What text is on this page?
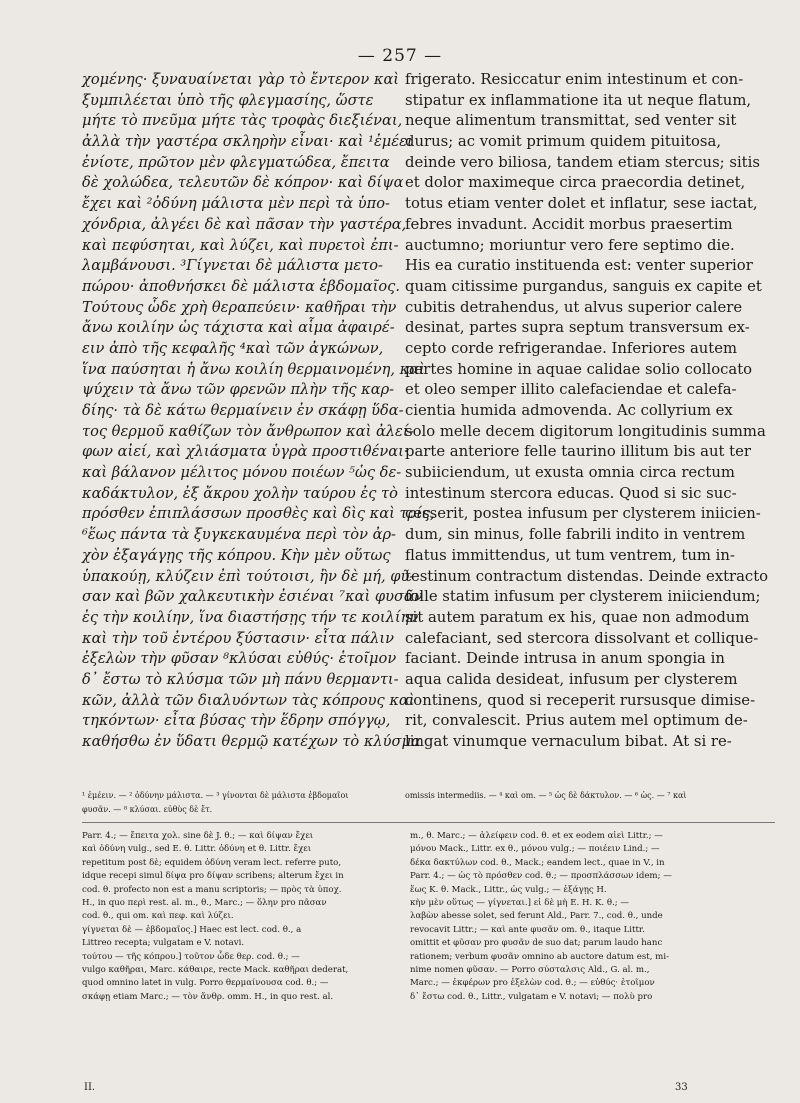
— 257 —
χομένης· ξυναυαίνεται γὰρ τὸ ἔντερον καὶ
ξυμπιλέεται ὑπὸ τῆς φλεγμασίης, ὥστε
μήτε τὸ πνεῦμα μήτε τὰς τροφὰς διεξιέναι,
ἀλλὰ τὴν γαστέρα σκληρὴν εἶναι· καὶ ¹ἐμέει
ἐνίοτε, πρῶτον μὲν φλεγματώδεα, ἔπειτα
δὲ χολώδεα, τελευτῶν δὲ κόπρον· καὶ δίψα
ἔχει καὶ ²ὀδύνη μάλιστα μὲν περὶ τὰ ὑπο-
χόνδρια, ἀλγέει δὲ καὶ πᾶσαν τὴν γαστέρα,
καὶ πεφύσηται, καὶ λύζει, καὶ πυρετοὶ ἐπι-
λαμβάνουσι. ³Γίγνεται δὲ μάλιστα μετο-
πώρου· ἀποθνήσκει δὲ μάλιστα ἑβδομαῖος.
Τούτους ὧδε χρὴ θεραπεύειν· καθῆραι τὴν
ἄνω κοιλίην ὡς τάχιστα καὶ αἷμα ἀφαιρέ-
ειν ἀπὸ τῆς κεφαλῆς ⁴καὶ τῶν ἀγκώνων,
ἵνα παύσηται ἡ ἄνω κοιλίη θερμαινομένη, καὶ
ψύχειν τὰ ἄνω τῶν φρενῶν πλὴν τῆς καρ-
δίης· τὰ δὲ κάτω θερμαίνειν ἐν σκάφῃ ὕδα-
τος θερμοῦ καθίζων τὸν ἄνθρωπον καὶ ἀλεί-
φων αἰεί, καὶ χλιάσματα ὑγρὰ προστιθέναι·
καὶ βάλανον μέλιτος μόνου ποιέων ⁵ὡς δε-
καδάκτυλον, ἐξ ἄκρου χολὴν ταύρου ἐς τὸ
πρόσθεν ἐπιπλάσσων προσθὲς καὶ δὶς καὶ τρίς,
⁶ἕως πάντα τὰ ξυγκεκαυμένα περὶ τὸν ἀρ-
χὸν ἐξαγάγῃς τῆς κόπρου. Κὴν μὲν οὕτως
ὑπακούῃ, κλύζειν ἐπὶ τούτοισι, ἢν δὲ μή, φῦ-
σαν καὶ βῶν χαλκευτικὴν ἐσιέναι ⁷καὶ φυσᾶν
ἐς τὴν κοιλίην, ἵνα διαστήσῃς τήν τε κοιλίην
καὶ τὴν τοῦ ἐντέρου ξύστασιν· εἶτα πάλιν
ἐξελὼν τὴν φῦσαν ⁸κλύσαι εὐθύς· ἑτοῖμον
δ᾽ ἔστω τὸ κλύσμα τῶν μὴ πάνυ θερμαντι-
κῶν, ἀλλὰ τῶν διαλυόντων τὰς κόπρους καὶ
τηκόντων· εἶτα βύσας τὴν ἕδρην σπόγγῳ,
καθήσθω ἐν ὕδατι θερμῷ κατέχων τὸ κλύσμα
frigerato. Resiccatur enim intestinum et con-
stipatur ex inflammatione ita ut neque flatum,
neque alimentum transmittat, sed venter sit
durus; ac vomit primum quidem pituitosa,
deinde vero biliosa, tandem etiam stercus; sitis
et dolor maximeque circa praecordia detinet,
totus etiam venter dolet et inflatur, sese iactat,
febres invadunt. Accidit morbus praesertim
auctumno; moriuntur vero fere septimo die.
His ea curatio instituenda est: venter superior
quam citissime purgandus, sanguis ex capite et
cubitis detrahendus, ut alvus superior calere
desinat, partes supra septum transversum ex-
cepto corde refrigerandae. Inferiores autem
partes homine in aquae calidae solio collocato
et oleo semper illito calefaciendae et calefa-
cientia humida admovenda. Ac collyrium ex
solo melle decem digitorum longitudinis summa
parte anteriore felle taurino illitum bis aut ter
subiiciendum, ut exusta omnia circa rectum
intestinum stercora educas. Quod si sic suc-
cesserit, postea infusum per clysterem iniicien-
dum, sin minus, folle fabrili indito in ventrem
flatus immittendus, ut tum ventrem, tum in-
testinum contractum distendas. Deinde extracto
folle statim infusum per clysterem iniiciendum;
sit autem paratum ex his, quae non admodum
calefaciant, sed stercora dissolvant et collique-
faciant. Deinde intrusa in anum spongia in
aqua calida desideat, infusum per clysterem
continens, quod si receperit rursusque dimise-
rit, convalescit. Prius autem mel optimum de-
lingat vinumque vernaculum bibat. At si re-
¹ ἐμέειν. — ² ὀδύνην μάλιστα. — ³ γίνονται δὲ μάλιστα ἑβδομαῖοι	omissis intermediis. — ⁴ καὶ om. — ⁵ ὡς δὲ δάκτυλον. — ⁶ ὡς. — ⁷ καὶ
φυσᾶν. — ⁸ κλύσαι. εὐθὺς δὲ ἔτ.
Parr. 4.; — ἔπειτα χολ. sine δὲ J. θ.; — καὶ δίψαν ἔχει
καὶ ὀδύνη vulg., sed E. θ. Littr. ὀδύνη et θ. Littr. ἔχει
repetitum post δὲ; equidem ὀδύνη veram lect. referre puto,
idque recepi simul δίψα pro δίψαν scribens; alterum ἔχει in
cod. θ. profecto non est a manu scriptoris; — πρὸς τὰ ὑποχ.
H., in quo περὶ rest. al. m., θ., Marc.; — ὅλην pro πᾶσαν
cod. θ., qui om. καὶ πεφ. καὶ λύζει.
γίγνεται δὲ — ἑβδομαῖος.] Haec est lect. cod. θ., a
Littreo recepta; vulgatam e V. notavi.
τούτου — τῆς κόπρου.] τοῦτον ὧδε θερ. cod. θ.; —
vulgo καθῆραι, Marc. κάθαιρε, recte Mack. καθῆραι dederat,
quod omnino latet in vulg. Porro θερμαίνουσα cod. θ.; —
σκάφῃ etiam Marc.; — τὸν ἄνθρ. omm. H., in quo rest. al.
m., θ. Marc.; — ἀλείφειν cod. θ. et ex eodem αἰεὶ Littr.; —
μόνου Mack., Littr. ex θ., μόνου vulg.; — ποιέειν Lind.; —
δέκα δακτύλων cod. θ., Mack.; eandem lect., quae in V., in
Parr. 4.; — ὡς τὸ πρόσθεν cod. θ.; — προσπλάσσων idem; —
ἕως K. θ. Mack., Littr., ὡς vulg.; — ἐξάγῃς H.
κὴν μὲν οὕτως — γίγνεται.] εἰ δὲ μὴ E. H. K. θ.; —
λαβὼν abesse solet, sed ferunt Ald., Parr. 7., cod. θ., unde
revocavit Littr.; — καὶ ante φυσᾶν om. θ., itaque Littr.
omittit et φῦσαν pro φυσᾶν de suo dat; parum laudo hanc
rationem; verbum φυσᾶν omnino ab auctore datum est, mi-
nime nomen φῦσαν. — Porro σύσταλσις Ald., G. al. m.,
Marc.; — ἐκφέρων pro ἐξελὼν cod. θ.; — εὐθύς· ἑτοῖμον
δ᾽ ἔστω cod. θ., Littr., vulgatam e V. notavi; — πολὺ pro
II.	33
